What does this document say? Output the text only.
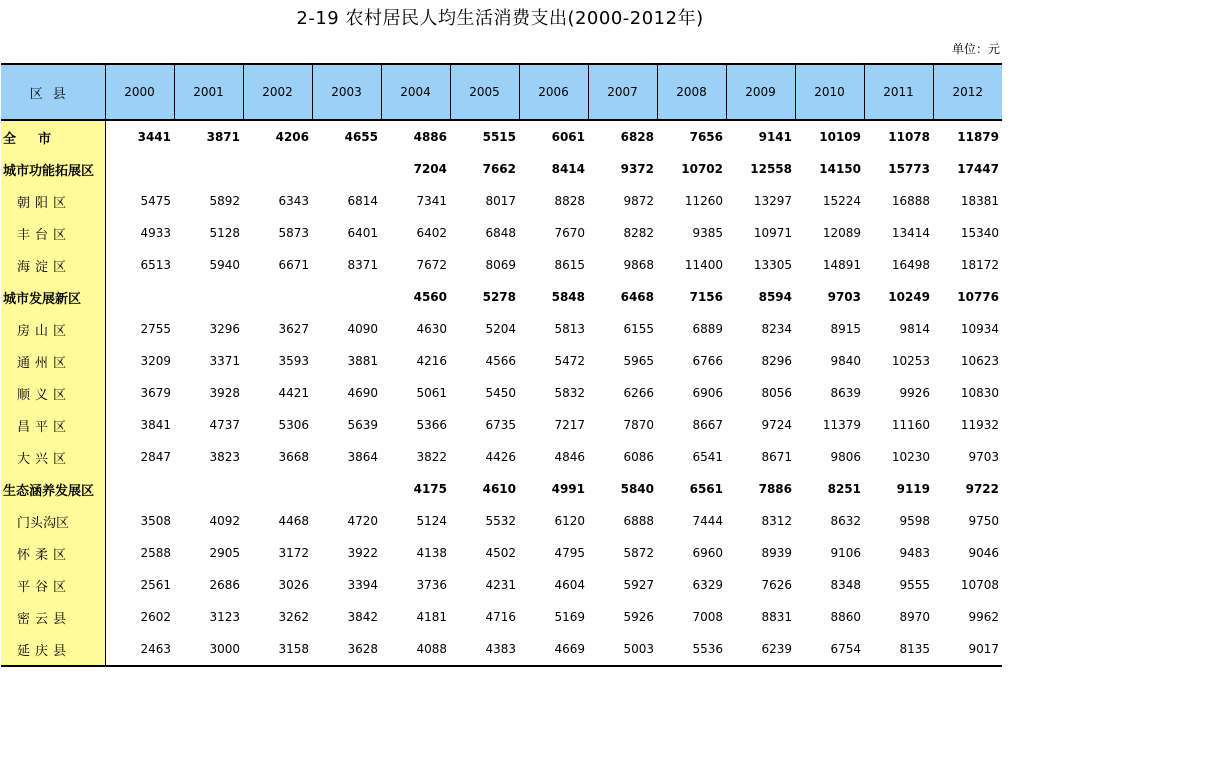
2-19 农村居民人均生活消费支出(2000-2012年)
单位：元
区县	2000	2001	2002	2003	2004	2005	2006	2007	2008	2009	2010	2011	2012
全市	3441	3871	4206	4655	4886	5515	6061	6828	7656	9141	10109	11078	11879
城市功能拓展区					7204	7662	8414	9372	10702	12558	14150	15773	17447
朝阳区	5475	5892	6343	6814	7341	8017	8828	9872	11260	13297	15224	16888	18381
丰台区	4933	5128	5873	6401	6402	6848	7670	8282	9385	10971	12089	13414	15340
海淀区	6513	5940	6671	8371	7672	8069	8615	9868	11400	13305	14891	16498	18172
城市发展新区					4560	5278	5848	6468	7156	8594	9703	10249	10776
房山区	2755	3296	3627	4090	4630	5204	5813	6155	6889	8234	8915	9814	10934
通州区	3209	3371	3593	3881	4216	4566	5472	5965	6766	8296	9840	10253	10623
顺义区	3679	3928	4421	4690	5061	5450	5832	6266	6906	8056	8639	9926	10830
昌平区	3841	4737	5306	5639	5366	6735	7217	7870	8667	9724	11379	11160	11932
大兴区	2847	3823	3668	3864	3822	4426	4846	6086	6541	8671	9806	10230	9703
生态涵养发展区					4175	4610	4991	5840	6561	7886	8251	9119	9722
门头沟区	3508	4092	4468	4720	5124	5532	6120	6888	7444	8312	8632	9598	9750
怀柔区	2588	2905	3172	3922	4138	4502	4795	5872	6960	8939	9106	9483	9046
平谷区	2561	2686	3026	3394	3736	4231	4604	5927	6329	7626	8348	9555	10708
密云县	2602	3123	3262	3842	4181	4716	5169	5926	7008	8831	8860	8970	9962
延庆县	2463	3000	3158	3628	4088	4383	4669	5003	5536	6239	6754	8135	9017
